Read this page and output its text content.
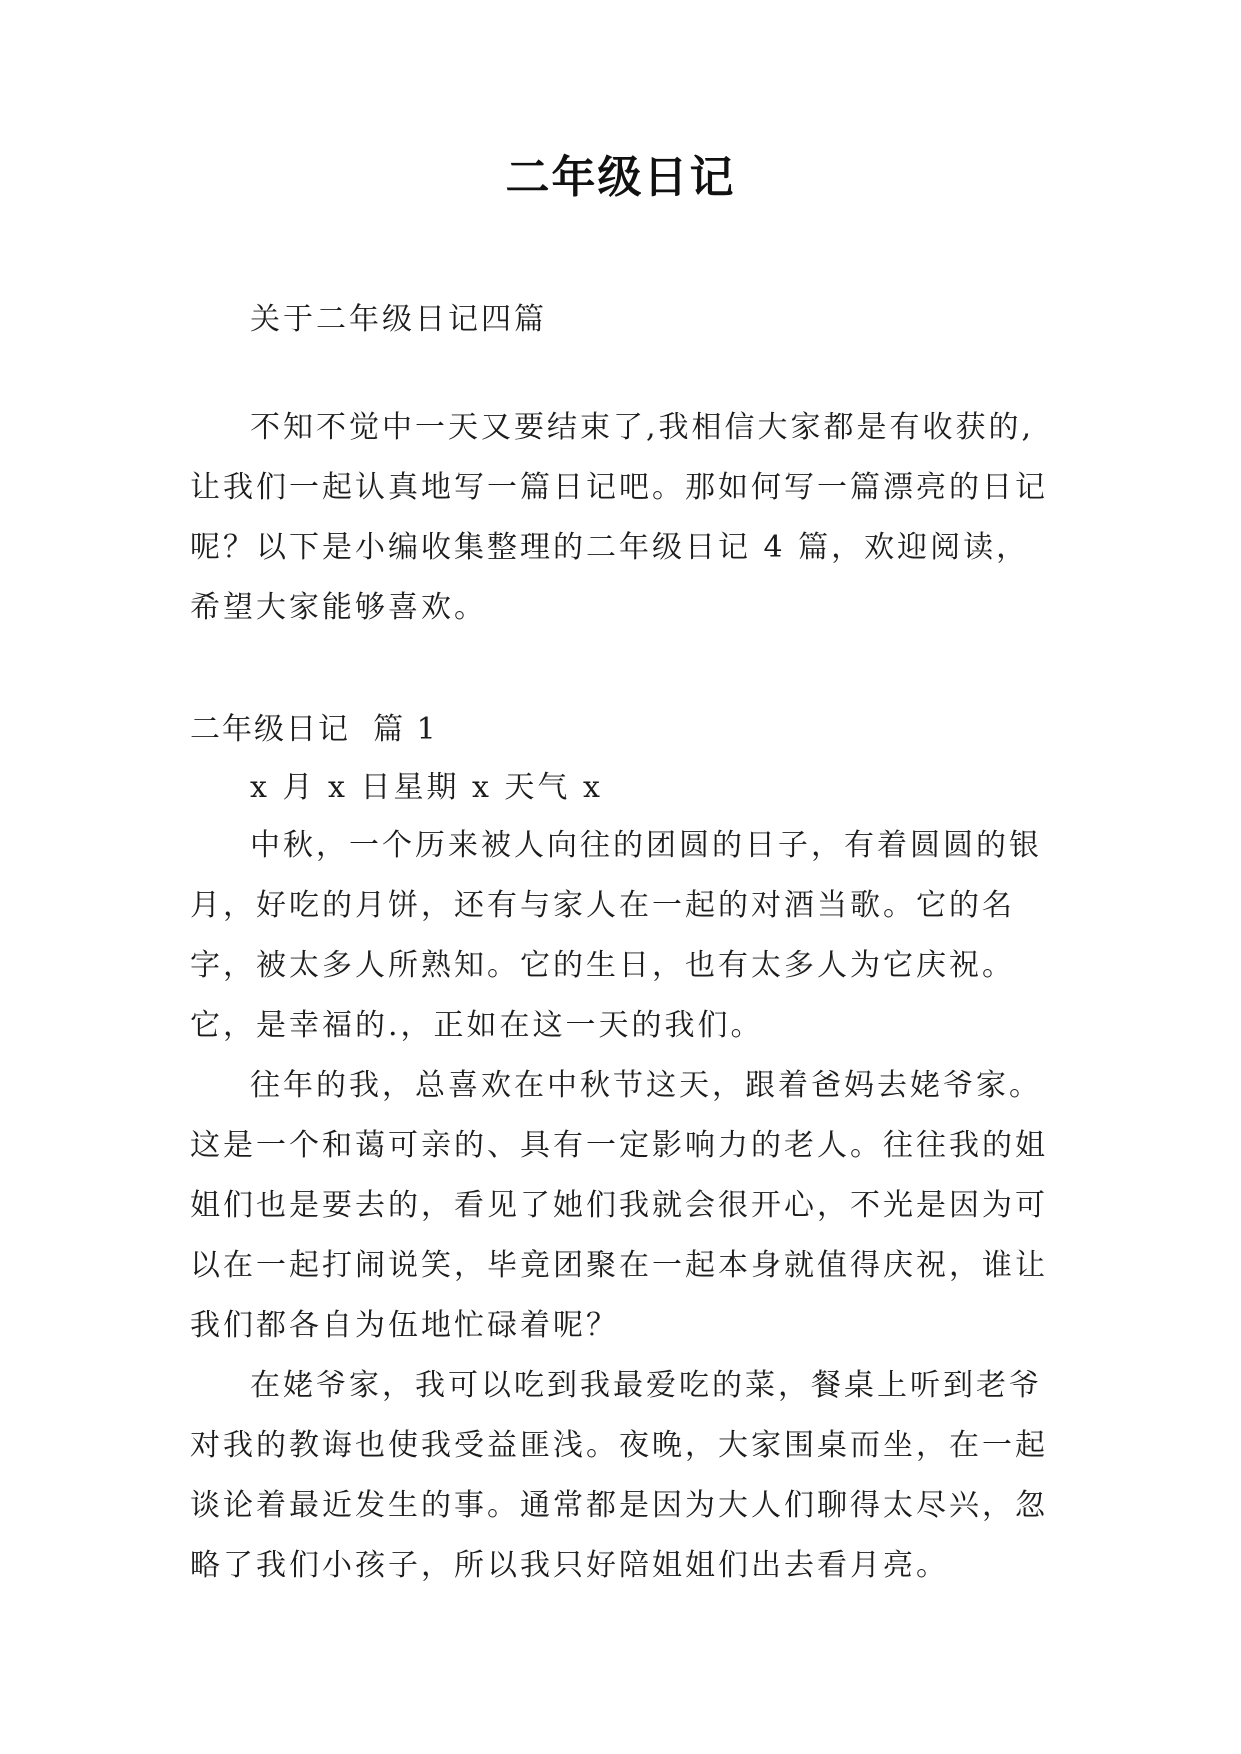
二年级日记

关于二年级日记四篇

不知不觉中一天又要结束了,我相信大家都是有收获的,让我们一起认真地写一篇日记吧。那如何写一篇漂亮的日记呢？以下是小编收集整理的二年级日记 4 篇，欢迎阅读，希望大家能够喜欢。

二年级日记  篇 1

x 月 x 日星期 x 天气 x

中秋，一个历来被人向往的团圆的日子，有着圆圆的银月，好吃的月饼，还有与家人在一起的对酒当歌。它的名字，被太多人所熟知。它的生日，也有太多人为它庆祝。它，是幸福的.，正如在这一天的我们。

往年的我，总喜欢在中秋节这天，跟着爸妈去姥爷家。这是一个和蔼可亲的、具有一定影响力的老人。往往我的姐姐们也是要去的，看见了她们我就会很开心，不光是因为可以在一起打闹说笑，毕竟团聚在一起本身就值得庆祝，谁让我们都各自为伍地忙碌着呢？

在姥爷家，我可以吃到我最爱吃的菜，餐桌上听到老爷对我的教诲也使我受益匪浅。夜晚，大家围桌而坐，在一起谈论着最近发生的事。通常都是因为大人们聊得太尽兴，忽略了我们小孩子，所以我只好陪姐姐们出去看月亮。
